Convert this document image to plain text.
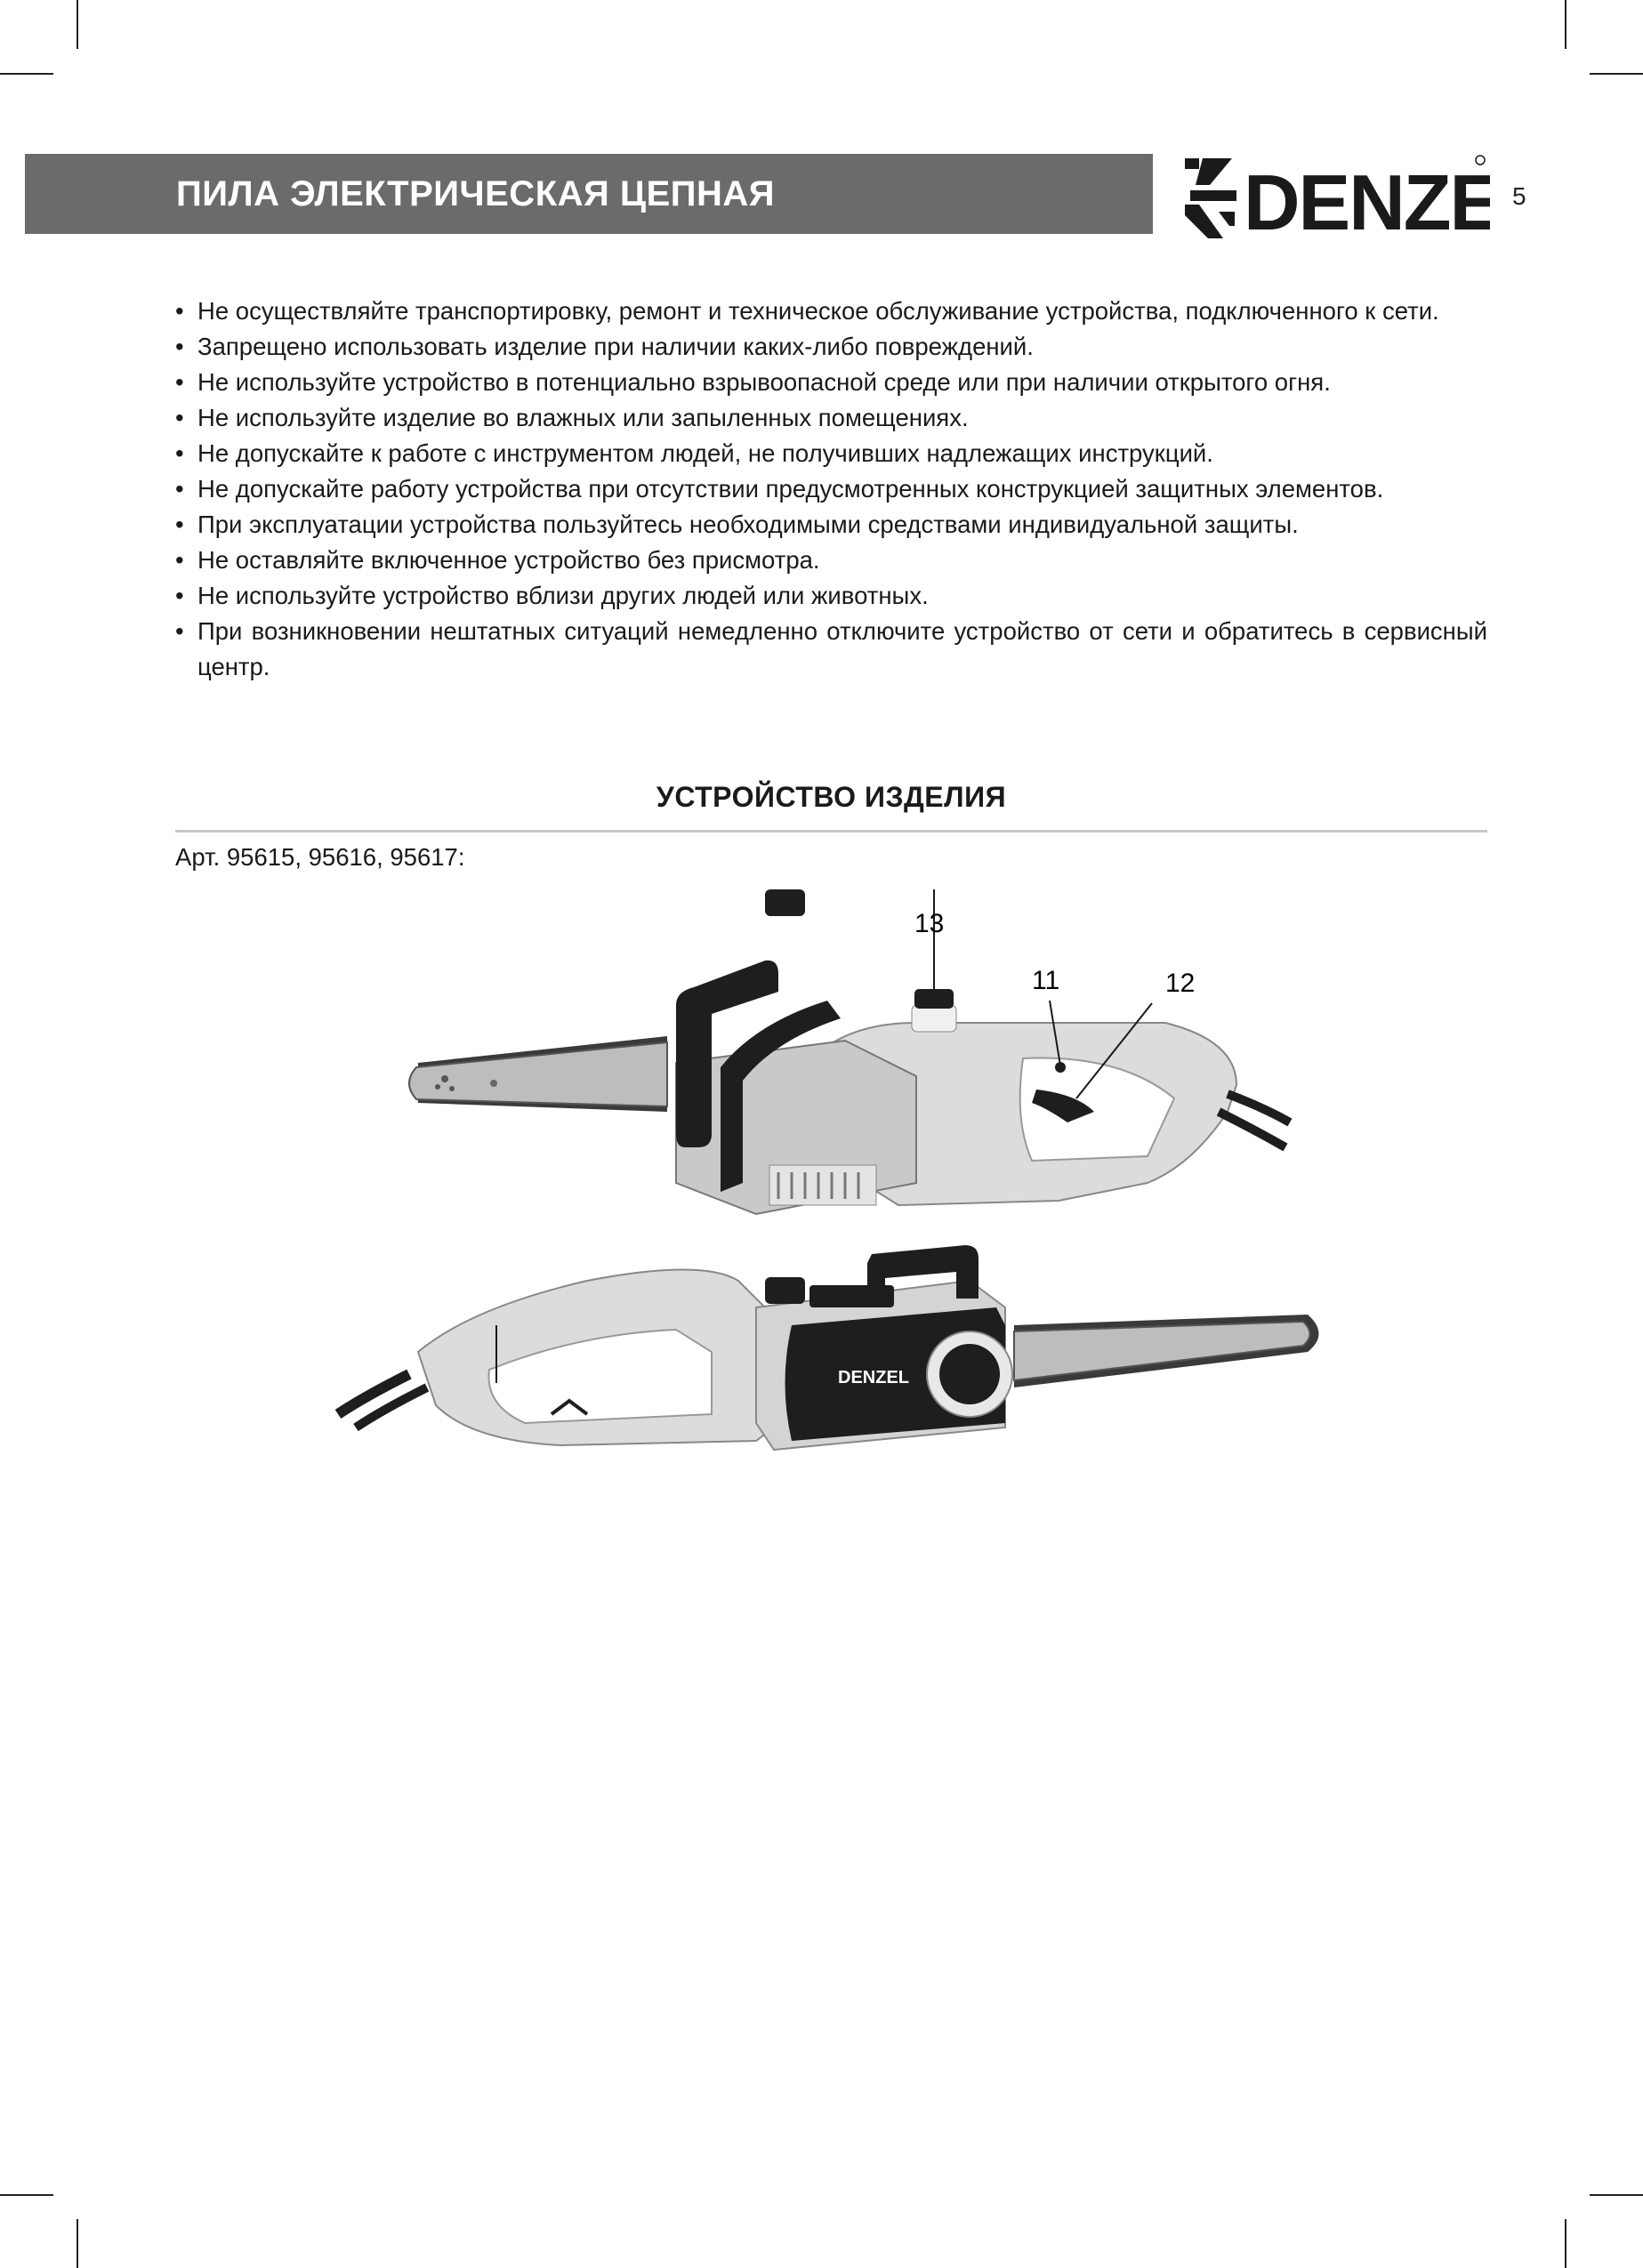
ПИЛА ЭЛЕКТРИЧЕСКАЯ ЦЕПНАЯ	DENZE 5
• Не осуществляйте транспортировку, ремонт и техническое обслуживание устройства, подключенного к сети.
• Запрещено использовать изделие при наличии каких-либо повреждений.
• Не используйте устройство в потенциально взрывоопасной среде или при наличии открытого огня.
• Не используйте изделие во влажных или запыленных помещениях.
• Не допускайте к работе с инструментом людей, не получивших надлежащих инструкций.
• Не допускайте работу устройства при отсутствии предусмотренных конструкцией защитных элементов.
• При эксплуатации устройства пользуйтесь необходимыми средствами индивидуальной защиты.
• Не оставляйте включенное устройство без присмотра.
• Не используйте устройство вблизи других людей или животных.
• При возникновении нештатных ситуаций немедленно отключите устройство от сети и обратитесь в сервисный центр.
УСТРОЙСТВО ИЗДЕЛИЯ
Арт. 95615, 95616, 95617:
13
11	12
DENZEL
